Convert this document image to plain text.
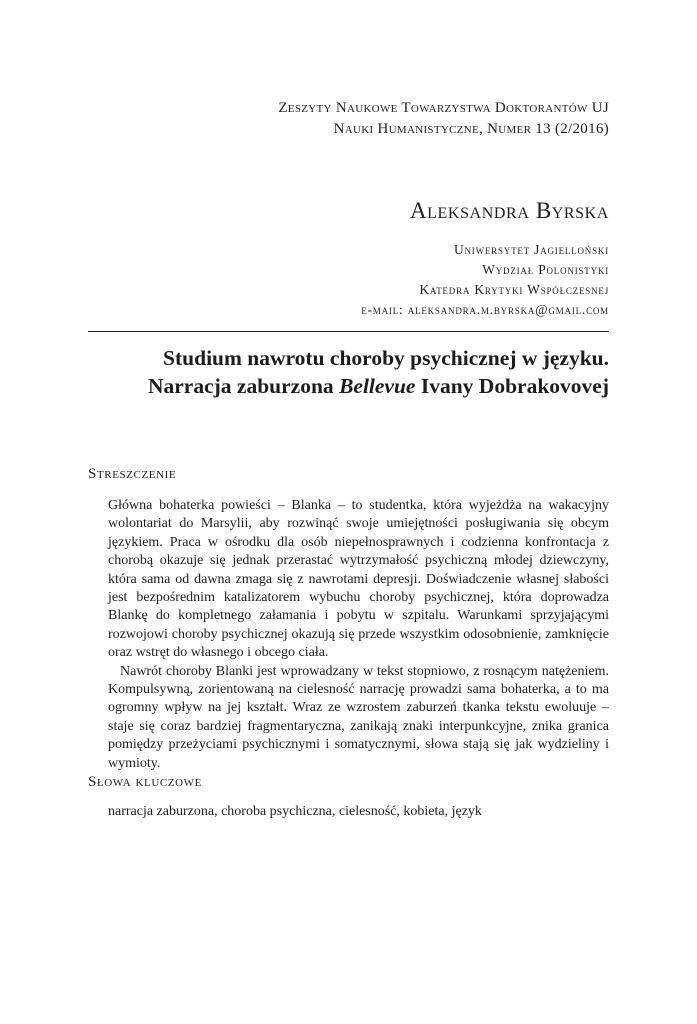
Zeszyty Naukowe Towarzystwa Doktorantów UJ
Nauki Humanistyczne, Numer 13 (2/2016)
Aleksandra Byrska
Uniwersytet Jagielloński
Wydział Polonistyki
Katedra Krytyki Współczesnej
e-mail: aleksandra.m.byrska@gmail.com
Studium nawrotu choroby psychicznej w języku.
Narracja zaburzona Bellevue Ivany Dobrakovovej
Streszczenie

Główna bohaterka powieści – Blanka – to studentka, która wyjeżdża na wakacyjny wolontariat do Marsylii, aby rozwinąć swoje umiejętności posługiwania się obcym językiem. Praca w ośrodku dla osób niepełnosprawnych i codzienna konfrontacja z chorobą okazuje się jednak przerastać wytrzymałość psychiczną młodej dziewczyny, która sama od dawna zmaga się z nawrotami depresji. Doświadczenie własnej słabości jest bezpośrednim katalizatorem wybuchu choroby psychicznej, która doprowadza Blankę do kompletnego załamania i pobytu w szpitalu. Warunkami sprzyjającymi rozwojowi choroby psychicznej okazują się przede wszystkim odosobnienie, zamknięcie oraz wstręt do własnego i obcego ciała.

Nawrót choroby Blanki jest wprowadzany w tekst stopniowo, z rosnącym natężeniem. Kompulsywną, zorientowaną na cielesność narrację prowadzi sama bohaterka, a to ma ogromny wpływ na jej kształt. Wraz ze wzrostem zaburzeń tkanka tekstu ewoluuje – staje się coraz bardziej fragmentaryczna, zanikają znaki interpunkcyjne, znika granica pomiędzy przeżyciami psychicznymi i somatycznymi, słowa stają się jak wydzieliny i wymioty.

Słowa kluczowe
narracja zaburzona, choroba psychiczna, cielesność, kobieta, język
